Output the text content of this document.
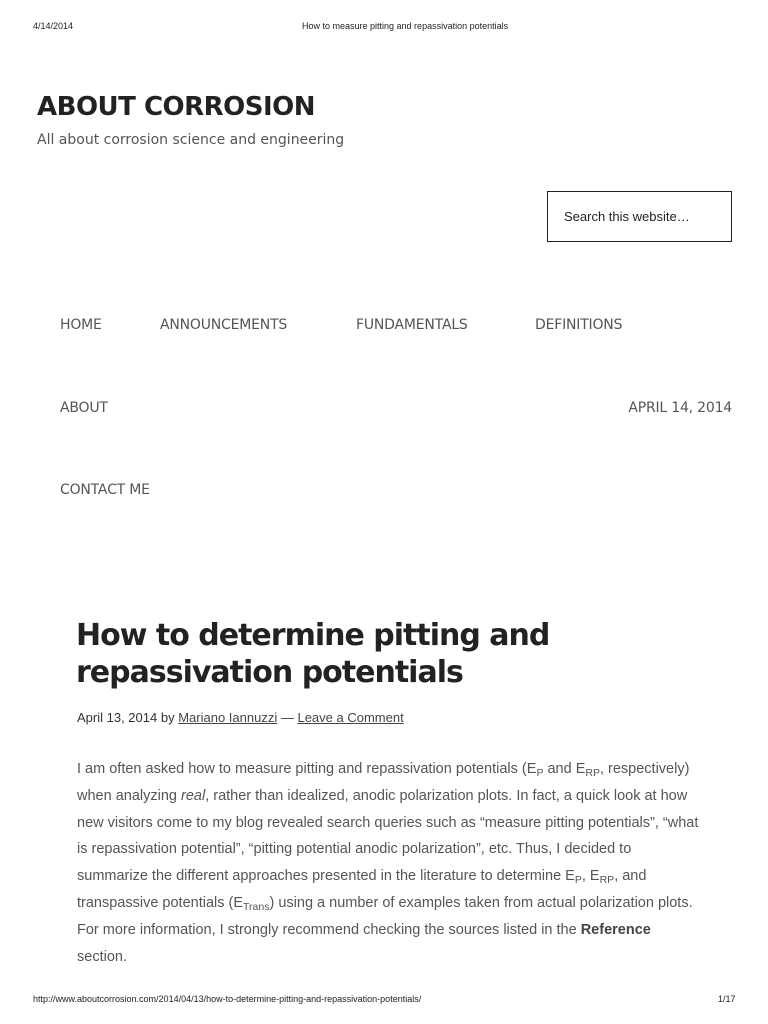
4/14/2014	How to measure pitting and repassivation potentials
ABOUT CORROSION
All about corrosion science and engineering
Search this website…
HOME	ANNOUNCEMENTS	FUNDAMENTALS	DEFINITIONS
ABOUT	APRIL 14, 2014
CONTACT ME
How to determine pitting and repassivation potentials
April 13, 2014 by Mariano Iannuzzi — Leave a Comment

I am often asked how to measure pitting and repassivation potentials ($E_P$ and $E_{RP}$, respectively) when analyzing real, rather than idealized, anodic polarization plots. In fact, a quick look at how new visitors come to my blog revealed search queries such as “measure pitting potentials”, “what is repassivation potential”, “pitting potential anodic polarization”, etc. Thus, I decided to summarize the different approaches presented in the literature to determine $E_P$, $E_{RP}$, and transpassive potentials $(E_{Trans})$ using a number of examples taken from actual polarization plots. For more information, I strongly recommend checking the sources listed in the Reference section.

http://www.aboutcorrosion.com/2014/04/13/how-to-determine-pitting-and-repassivation-potentials/	1/17
